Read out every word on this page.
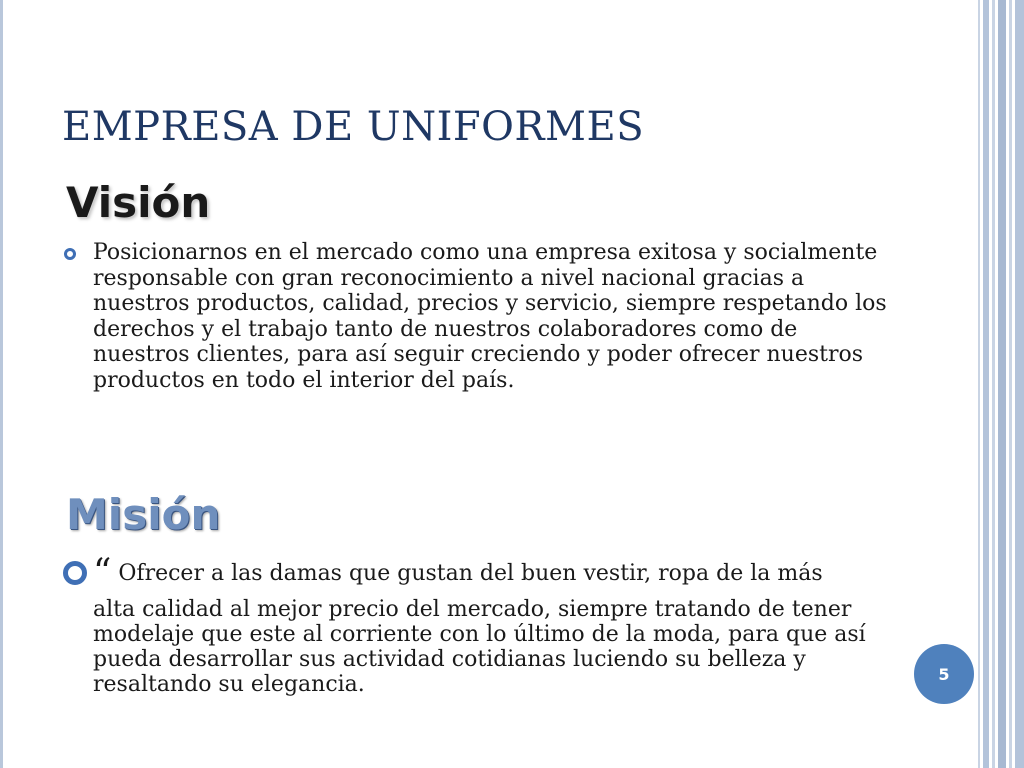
EMPRESA DE UNIFORMES
Visión
Posicionarnos en el mercado como una empresa exitosa y socialmente responsable con gran reconocimiento a nivel nacional gracias a nuestros productos, calidad, precios y servicio, siempre respetando los derechos y el trabajo tanto de nuestros colaboradores como de nuestros clientes, para así seguir creciendo y poder ofrecer nuestros productos en todo el interior del país.
Misión
“ Ofrecer a las damas que gustan del buen vestir, ropa de la más
alta calidad al mejor precio del mercado, siempre tratando de tener modelaje que este al corriente con lo último de la moda, para que así pueda desarrollar sus actividad cotidianas luciendo su belleza y resaltando su elegancia.	5
